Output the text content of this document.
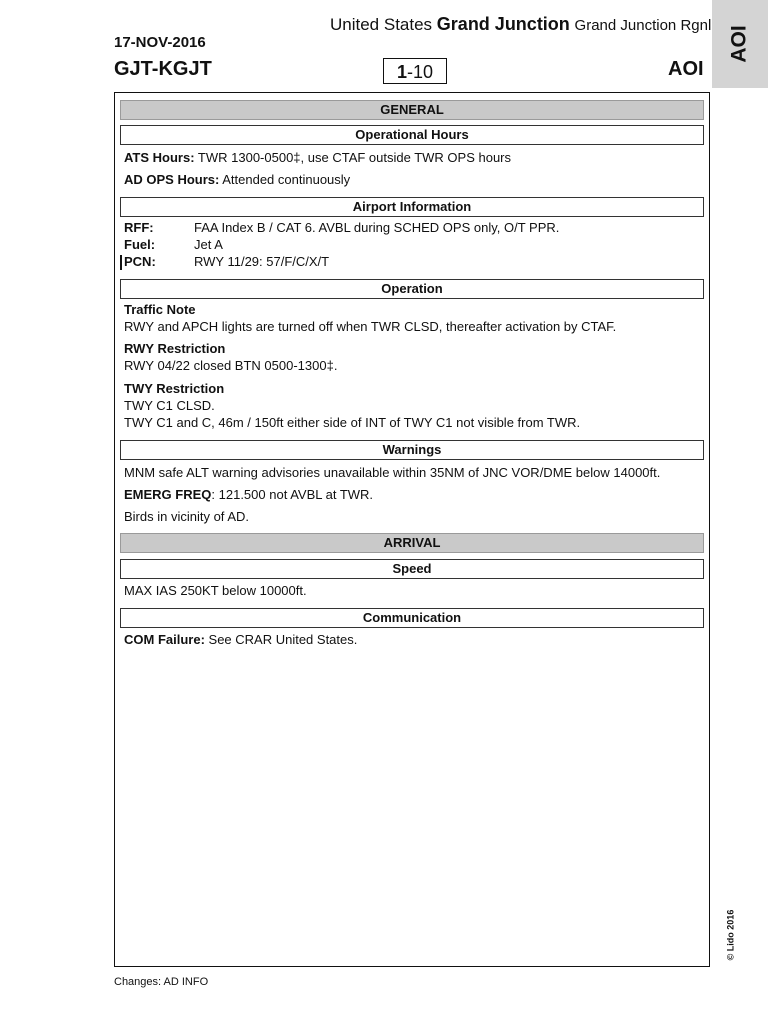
United States Grand Junction Grand Junction Rgnl
17-NOV-2016
GJT-KGJT	1-10	AOI
AOI
GENERAL
Operational Hours
ATS Hours: TWR 1300-0500‡, use CTAF outside TWR OPS hours
AD OPS Hours: Attended continuously
Airport Information
RFF:	FAA Index B / CAT 6. AVBL during SCHED OPS only, O/T PPR.
Fuel:	Jet A
PCN:	RWY 11/29: 57/F/C/X/T
Operation
Traffic Note
RWY and APCH lights are turned off when TWR CLSD, thereafter activation by CTAF.
RWY Restriction
RWY 04/22 closed BTN 0500-1300‡.
TWY Restriction
TWY C1 CLSD.
TWY C1 and C, 46m / 150ft either side of INT of TWY C1 not visible from TWR.
Warnings
MNM safe ALT warning advisories unavailable within 35NM of JNC VOR/DME below 14000ft.
EMERG FREQ: 121.500 not AVBL at TWR.
Birds in vicinity of AD.
ARRIVAL
Speed
MAX IAS 250KT below 10000ft.
Communication
COM Failure: See CRAR United States.
© Lido 2016
Changes: AD INFO
